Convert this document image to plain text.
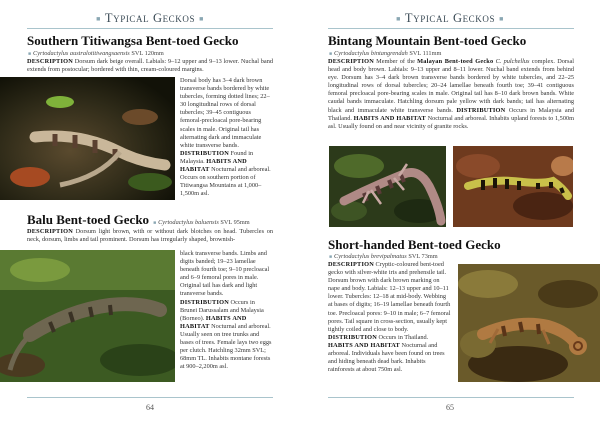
■ Typical Geckos ■
Southern Titiwangsa Bent-toed Gecko
■ Cyrtodactylus australotitiwangsaensis SVL 120mm
DESCRIPTION Dorsum dark beige overall. Labials: 9–12 upper and 9–13 lower. Nuchal band extends from postocular; bordered with thin, cream-coloured margins.
Dorsal body has 3–4 dark brown transverse bands bordered by white tubercles, forming dotted lines; 22–30 longitudinal rows of dorsal tubercles; 39–45 contiguous femoral-precloacal pore-bearing scales in male. Original tail has alternating dark and immaculate white transverse bands. DISTRIBUTION Found in Malaysia. HABITS AND HABITAT Nocturnal and arboreal. Occurs on southern portion of Titiwangsa Mountains at 1,000–1,500m asl.
Balu Bent-toed Gecko ■ Cyrtodactylus baluensis SVL 95mm
DESCRIPTION Dorsum light brown, with or without dark blotches on head. Tubercles on neck, dorsum, limbs and tail prominent. Dorsum has irregularly shaped, brownish-
black transverse bands. Limbs and digits banded; 19–23 lamellae beneath fourth toe; 9–10 precloacal and 6–9 femoral pores in male. Original tail has dark and light transverse bands. DISTRIBUTION Occurs in Brunei Darussalam and Malaysia (Borneo). HABITS AND HABITAT Nocturnal and arboreal. Usually seen on tree trunks and bases of trees. Female lays two eggs per clutch. Hatchling 32mm SVL; 68mm TL. Inhabits montane forests at 900–2,200m asl.
64
■ Typical Geckos ■
Bintang Mountain Bent-toed Gecko
■ Cyrtodactylus bintangrendah SVL 111mm
DESCRIPTION Member of the Malayan Bent-toed Gecko C. pulchellus complex. Dorsal head and body brown. Labials: 9–13 upper and 8–11 lower. Nuchal band extends from behind eye. Dorsum has 3–4 dark brown transverse bands bordered by white tubercles, and 22–25 longitudinal rows of dorsal tubercles; 20–24 lamellae beneath fourth toe; 39–41 contiguous femoral precloacal pore-bearing scales in male. Original tail has 8–10 dark brown bands. White caudal bands immaculate. Hatchling dorsum pale yellow with dark bands; tail has alternating black and immaculate white transverse bands. DISTRIBUTION Occurs in Malaysia and Thailand. HABITS AND HABITAT Nocturnal and arboreal. Inhabits upland forests to 1,500m asl. Usually found on and near vicinity of granite rocks.
Short-handed Bent-toed Gecko
■ Cyrtodactylus brevipalmatus SVL 73mm
DESCRIPTION Cryptic-coloured bent-toed gecko with silver-white iris and prehensile tail. Dorsum brown with dark brown marking on nape and body. Labials: 12–13 upper and 10–11 lower. Tubercles: 12–18 at mid-body. Webbing at bases of digits; 16–19 lamellae beneath fourth toe. Precloacal pores: 9–10 in male; 6–7 femoral pores. Tail square in cross-section, usually kept tightly coiled and close to body. DISTRIBUTION Occurs in Thailand. HABITS AND HABITAT Nocturnal and arboreal. Individuals have been found on trees and hiding beneath dead bark. Inhabits rainforests at about 750m asl.
65
